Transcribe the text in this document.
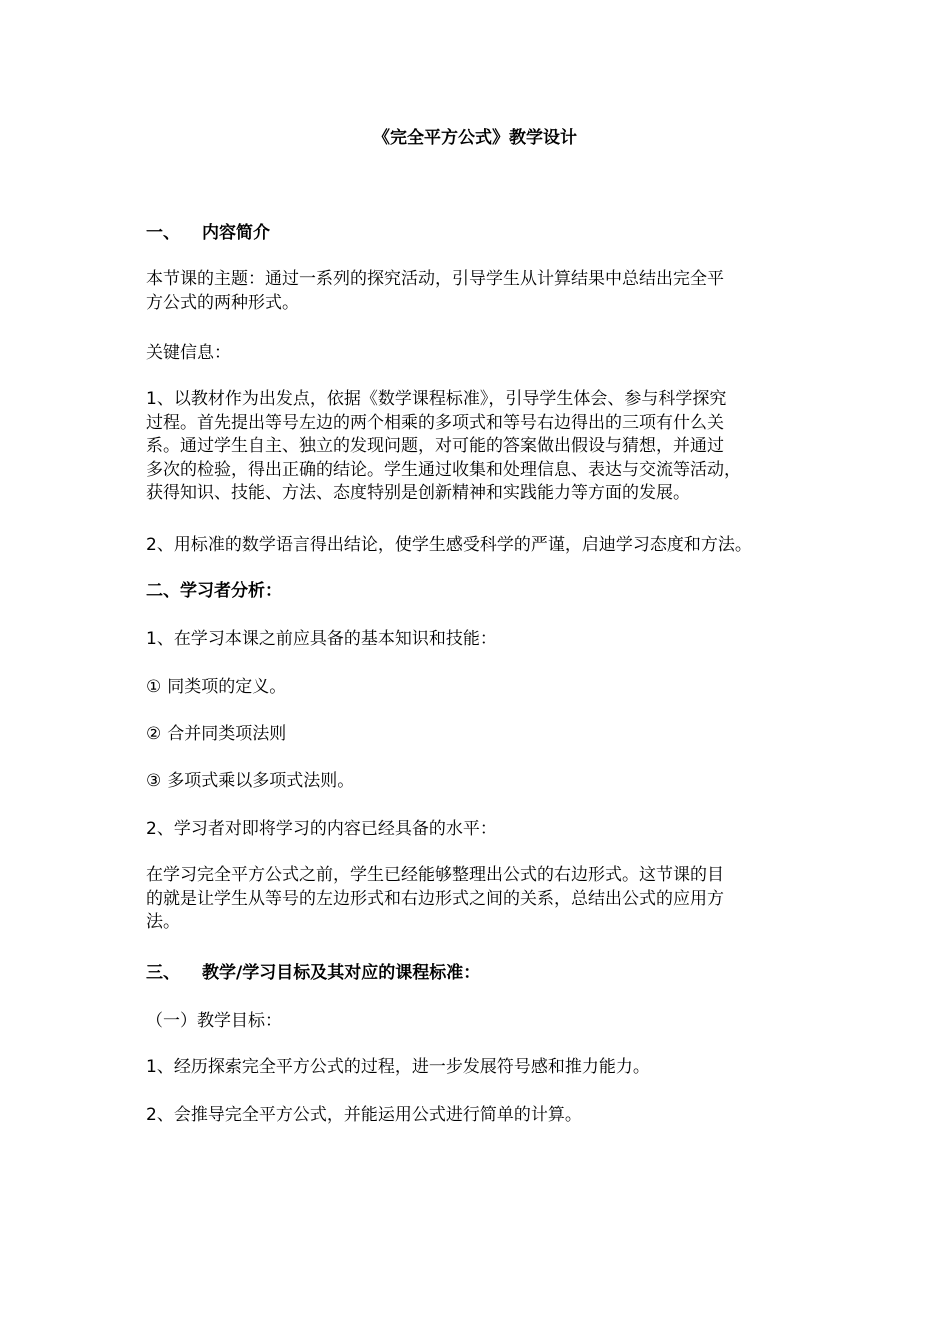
《完全平方公式》教学设计

一、 内容简介

本节课的主题：通过一系列的探究活动，引导学生从计算结果中总结出完全平
方公式的两种形式。

关键信息：

1、以教材作为出发点，依据《数学课程标准》，引导学生体会、参与科学探究
过程。首先提出等号左边的两个相乘的多项式和等号右边得出的三项有什么关
系。通过学生自主、独立的发现问题，对可能的答案做出假设与猜想，并通过
多次的检验，得出正确的结论。学生通过收集和处理信息、表达与交流等活动，
获得知识、技能、方法、态度特别是创新精神和实践能力等方面的发展。

2、用标准的数学语言得出结论，使学生感受科学的严谨，启迪学习态度和方法。

二、学习者分析：

1、在学习本课之前应具备的基本知识和技能：

① 同类项的定义。

② 合并同类项法则

③ 多项式乘以多项式法则。

2、学习者对即将学习的内容已经具备的水平：

在学习完全平方公式之前，学生已经能够整理出公式的右边形式。这节课的目
的就是让学生从等号的左边形式和右边形式之间的关系，总结出公式的应用方
法。

三、 教学/学习目标及其对应的课程标准：

（一）教学目标：

1、经历探索完全平方公式的过程，进一步发展符号感和推力能力。

2、会推导完全平方公式，并能运用公式进行简单的计算。
